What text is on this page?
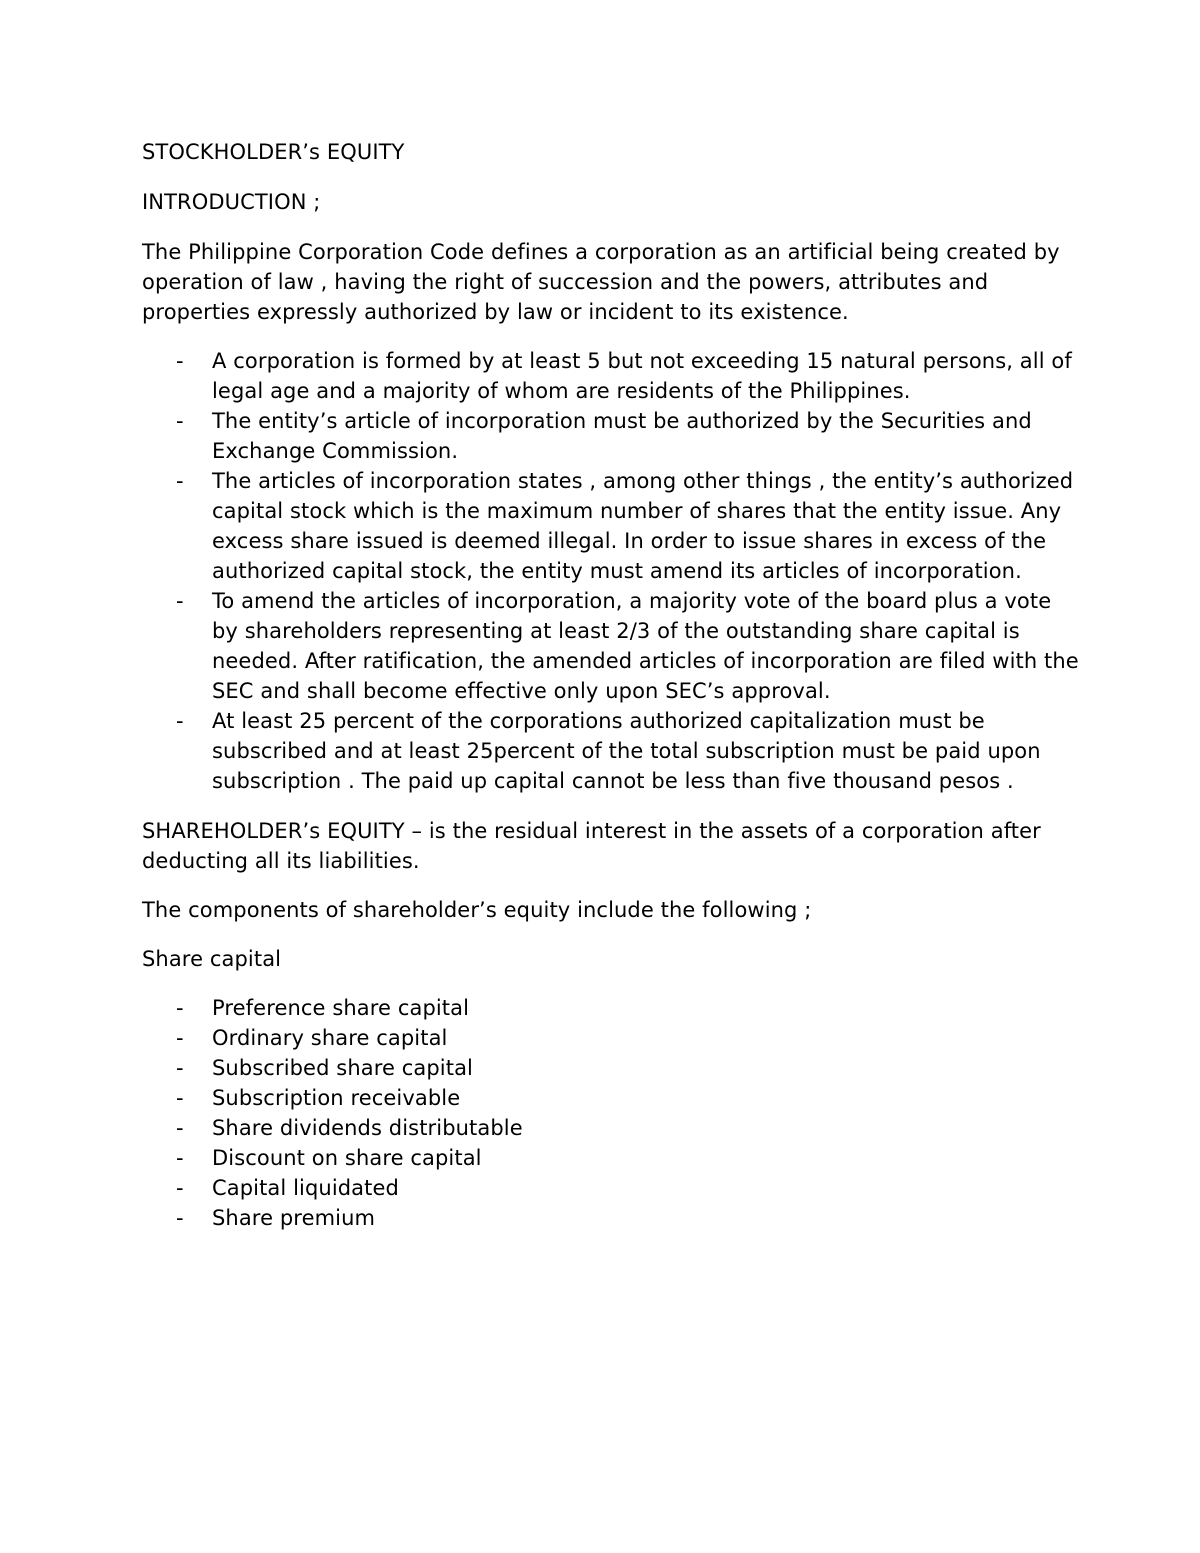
STOCKHOLDER’s EQUITY

INTRODUCTION ;

The Philippine Corporation Code defines a corporation as an artificial being created by operation of law , having the right of succession and the powers, attributes and properties expressly authorized by law or incident to its existence.

- A corporation is formed by at least 5 but not exceeding 15 natural persons, all of legal age and a majority of whom are residents of the Philippines.
- The entity’s article of incorporation must be authorized by the Securities and Exchange Commission.
- The articles of incorporation states , among other things , the entity’s authorized capital stock which is the maximum number of shares that the entity issue. Any excess share issued is deemed illegal. In order to issue shares in excess of the authorized capital stock, the entity must amend its articles of incorporation.
- To amend the articles of incorporation, a majority vote of the board plus a vote by shareholders representing at least 2/3 of the outstanding share capital is needed. After ratification, the amended articles of incorporation are filed with the SEC and shall become effective only upon SEC’s approval.
- At least 25 percent of the corporations authorized capitalization must be subscribed and at least 25percent of the total subscription must be paid upon subscription . The paid up capital cannot be less than five thousand pesos .

SHAREHOLDER’s EQUITY – is the residual interest in the assets of a corporation after deducting all its liabilities.

The components of shareholder’s equity include the following ;

Share capital

- Preference share capital
- Ordinary share capital
- Subscribed share capital
- Subscription receivable
- Share dividends distributable
- Discount on share capital
- Capital liquidated
- Share premium
